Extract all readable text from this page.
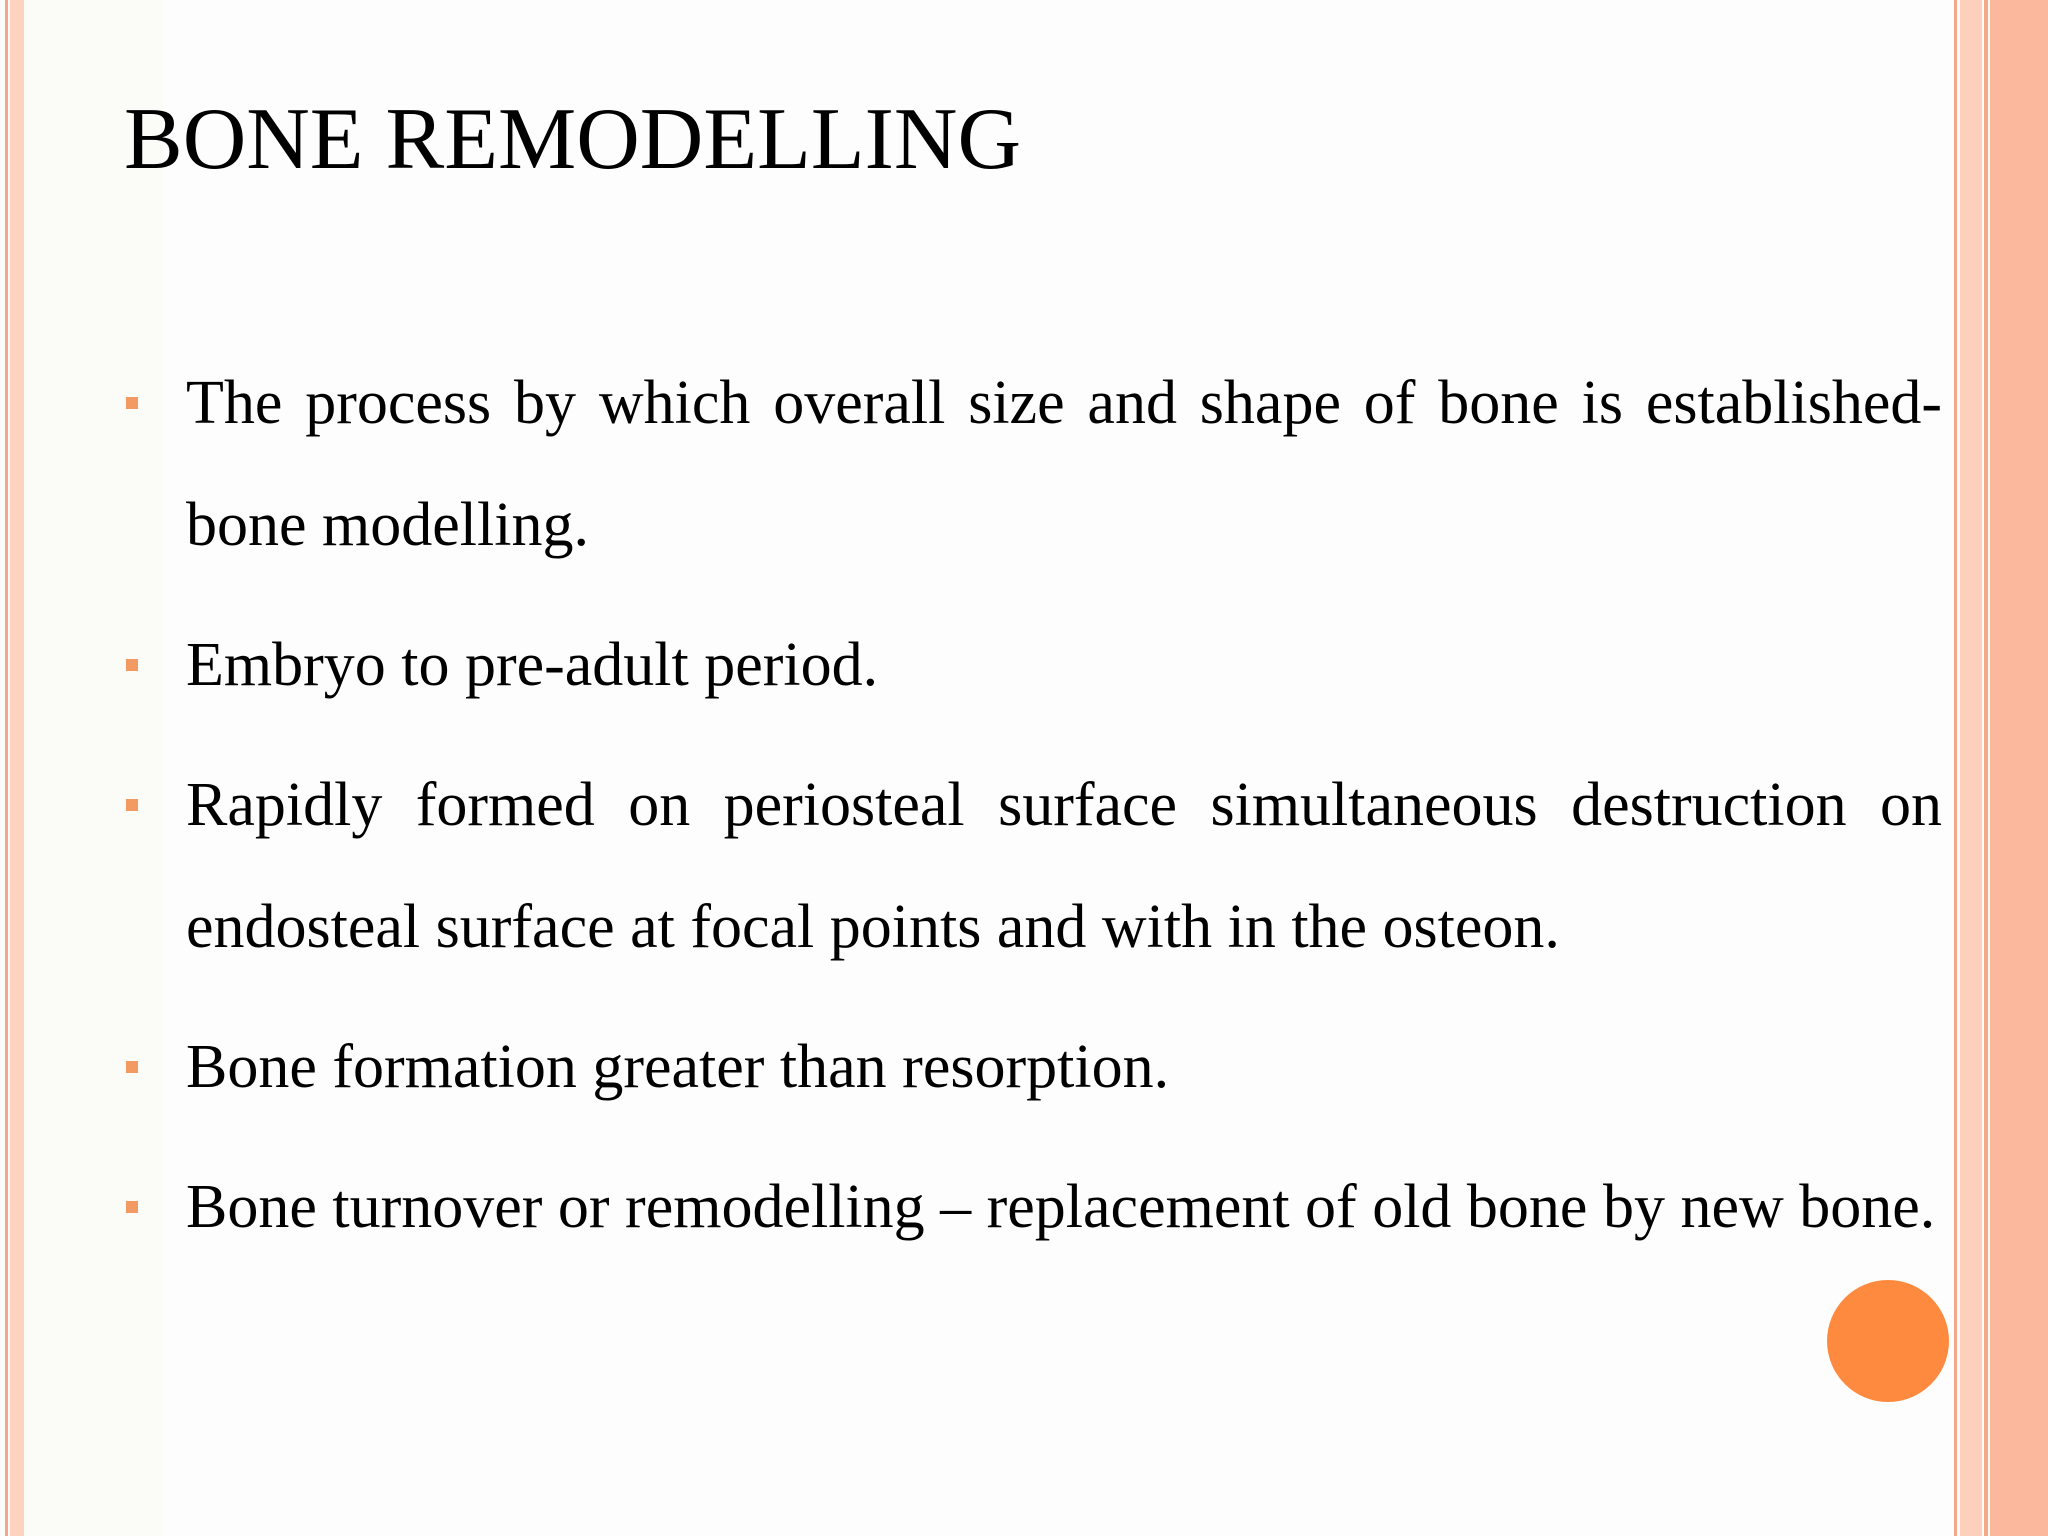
BONE REMODELLING
The process by which overall size and shape of bone is established- bone modelling.
Embryo to pre-adult period.
Rapidly formed on periosteal surface simultaneous destruction on endosteal surface at focal points and with in the osteon.
Bone formation greater than resorption.
Bone turnover or remodelling – replacement of old bone by new bone.
